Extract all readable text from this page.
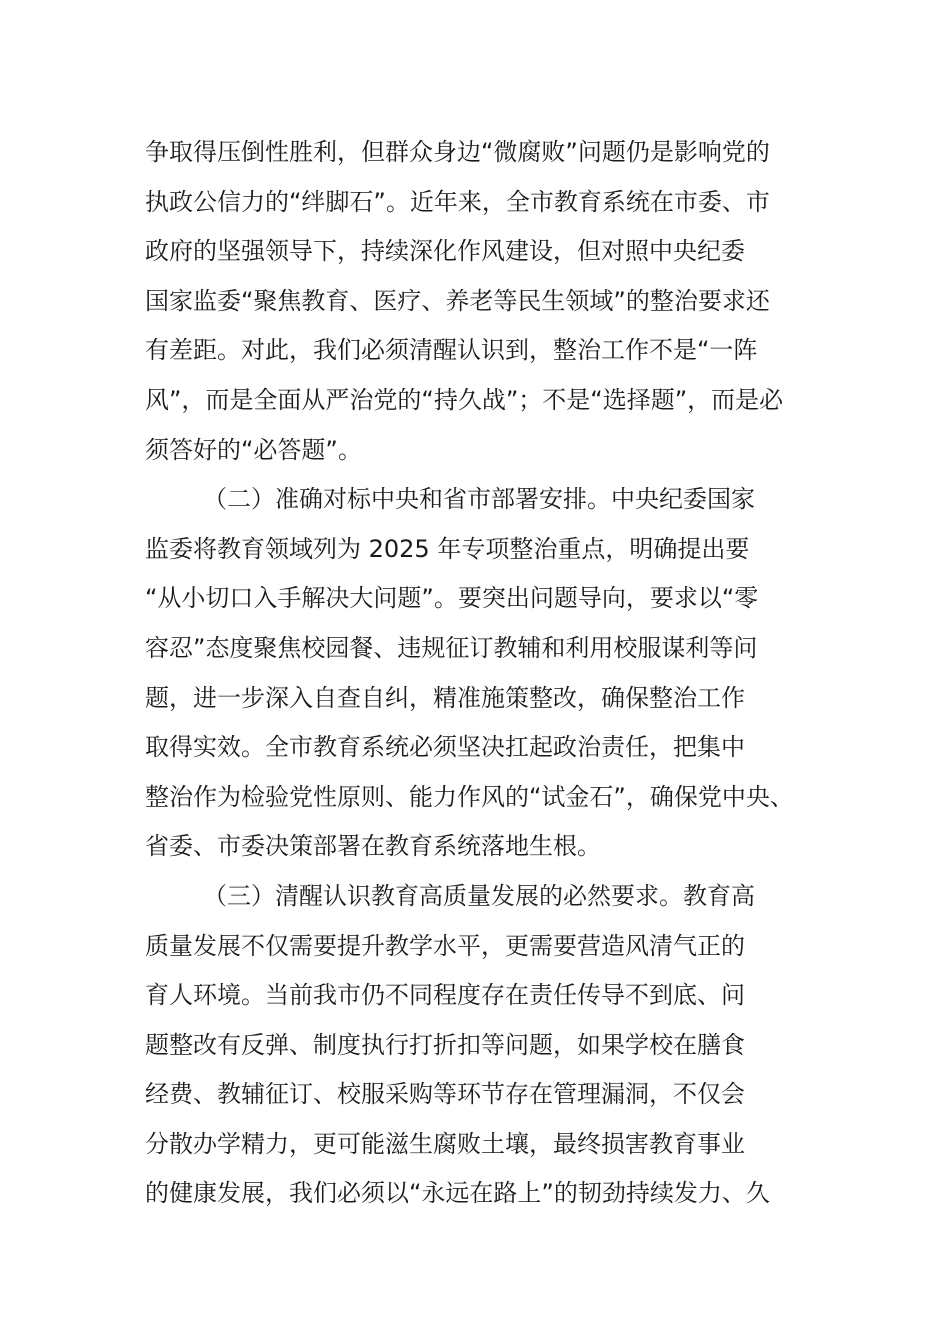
争取得压倒性胜利，但群众身边“微腐败”问题仍是影响党的
执政公信力的“绊脚石”。近年来，全市教育系统在市委、市
政府的坚强领导下，持续深化作风建设，但对照中央纪委
国家监委“聚焦教育、医疗、养老等民生领域”的整治要求还
有差距。对此，我们必须清醒认识到，整治工作不是“一阵
风”，而是全面从严治党的“持久战”；不是“选择题”，而是必
须答好的“必答题”。
（二）准确对标中央和省市部署安排。中央纪委国家
监委将教育领域列为 2025 年专项整治重点，明确提出要
“从小切口入手解决大问题”。要突出问题导向，要求以“零
容忍”态度聚焦校园餐、违规征订教辅和利用校服谋利等问
题，进一步深入自查自纠，精准施策整改，确保整治工作
取得实效。全市教育系统必须坚决扛起政治责任，把集中
整治作为检验党性原则、能力作风的“试金石”，确保党中央、
省委、市委决策部署在教育系统落地生根。
（三）清醒认识教育高质量发展的必然要求。教育高
质量发展不仅需要提升教学水平，更需要营造风清气正的
育人环境。当前我市仍不同程度存在责任传导不到底、问
题整改有反弹、制度执行打折扣等问题，如果学校在膳食
经费、教辅征订、校服采购等环节存在管理漏洞，不仅会
分散办学精力，更可能滋生腐败土壤，最终损害教育事业
的健康发展，我们必须以“永远在路上”的韧劲持续发力、久
